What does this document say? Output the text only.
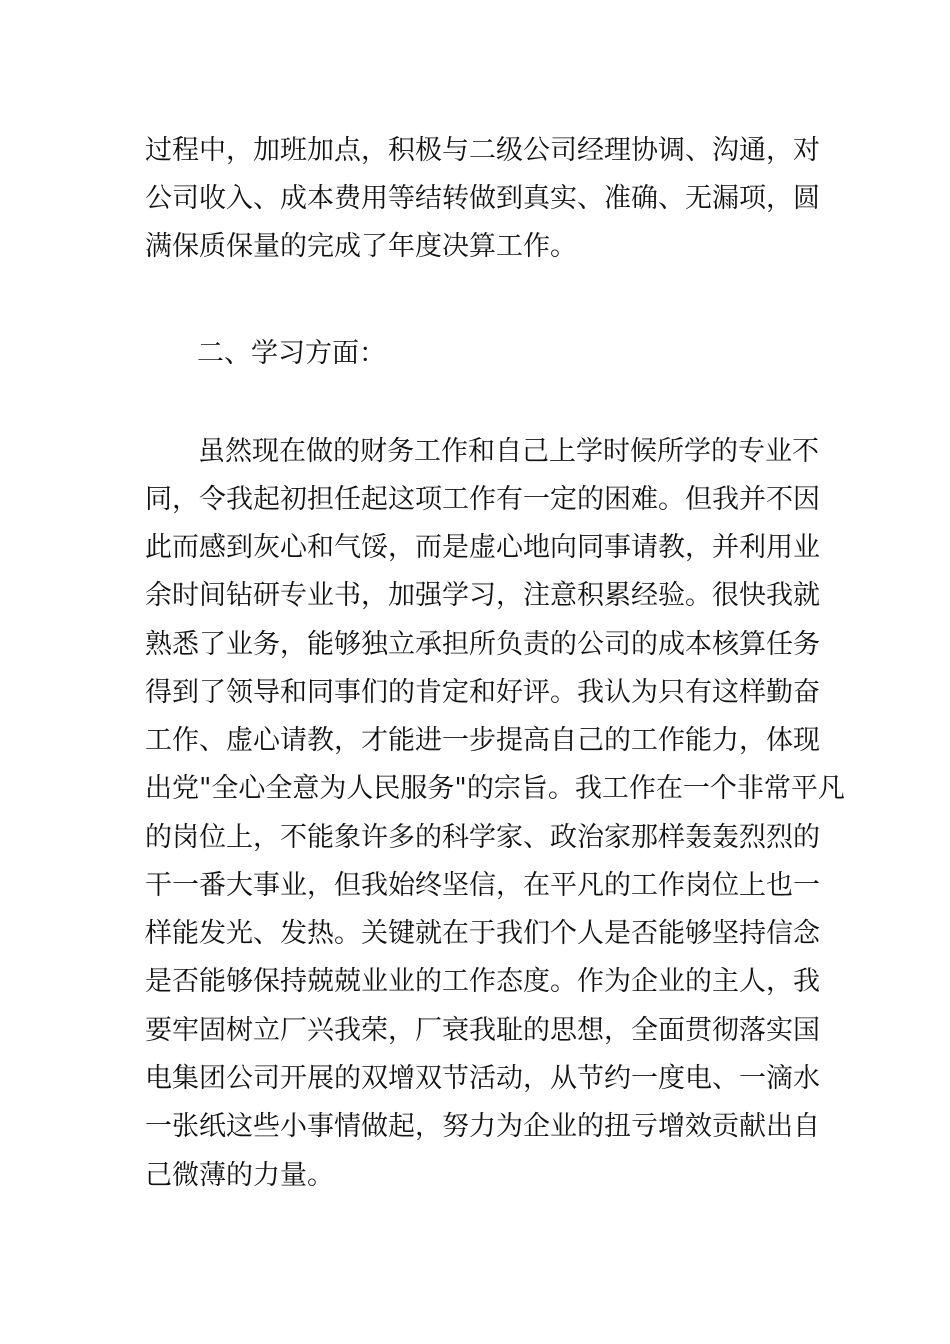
过程中，加班加点，积极与二级公司经理协调、沟通，对
公司收入、成本费用等结转做到真实、准确、无漏项，圆
满保质保量的完成了年度决算工作。
二、学习方面：
虽然现在做的财务工作和自己上学时候所学的专业不
同，令我起初担任起这项工作有一定的困难。但我并不因
此而感到灰心和气馁，而是虚心地向同事请教，并利用业
余时间钻研专业书，加强学习，注意积累经验。很快我就
熟悉了业务，能够独立承担所负责的公司的成本核算任务
得到了领导和同事们的肯定和好评。我认为只有这样勤奋
工作、虚心请教，才能进一步提高自己的工作能力，体现
出党"全心全意为人民服务"的宗旨。我工作在一个非常平凡
的岗位上，不能象许多的科学家、政治家那样轰轰烈烈的
干一番大事业，但我始终坚信，在平凡的工作岗位上也一
样能发光、发热。关键就在于我们个人是否能够坚持信念
是否能够保持兢兢业业的工作态度。作为企业的主人，我
要牢固树立厂兴我荣，厂衰我耻的思想，全面贯彻落实国
电集团公司开展的双增双节活动，从节约一度电、一滴水
一张纸这些小事情做起，努力为企业的扭亏增效贡献出自
己微薄的力量。
